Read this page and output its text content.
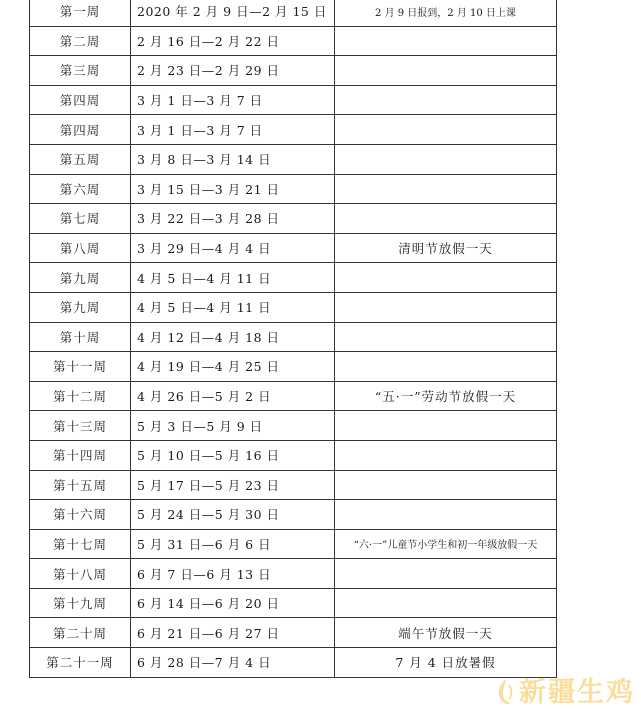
第一周	2020 年 2 月 9 日—2 月 15 日	2 月 9 日报到，2 月 10 日上课
第二周	2 月 16 日—2 月 22 日	
第三周	2 月 23 日—2 月 29 日	
第四周	3 月 1 日—3 月 7 日	
第四周	3 月 1 日—3 月 7 日	
第五周	3 月 8 日—3 月 14 日	
第六周	3 月 15 日—3 月 21 日	
第七周	3 月 22 日—3 月 28 日	
第八周	3 月 29 日—4 月 4 日	清明节放假一天
第九周	4 月 5 日—4 月 11 日	
第九周	4 月 5 日—4 月 11 日	
第十周	4 月 12 日—4 月 18 日	
第十一周	4 月 19 日—4 月 25 日	
第十二周	4 月 26 日—5 月 2 日	“五·一”劳动节放假一天
第十三周	5 月 3 日—5 月 9 日	
第十四周	5 月 10 日—5 月 16 日	
第十五周	5 月 17 日—5 月 23 日	
第十六周	5 月 24 日—5 月 30 日	
第十七周	5 月 31 日—6 月 6 日	“六·一”儿童节小学生和初一年级放假一天
第十八周	6 月 7 日—6 月 13 日	
第十九周	6 月 14 日—6 月 20 日	
第二十周	6 月 21 日—6 月 27 日	端午节放假一天
第二十一周	6 月 28 日—7 月 4 日	7 月 4 日放暑假
新疆生鸡
